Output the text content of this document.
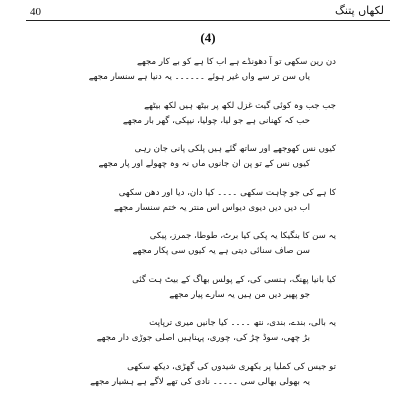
40	لکھاں پتنگ
(4)
دن رین سکھی تو آ دھونڈے ہے اب کا ہے کو بے کار مجھے
یاں سن تر سے واں غیر ہوئے ۔۔۔۔۔۔ یہ دنیا ہے سنسار مجھے
جب جب وہ کوئی گیت غزل لکھ پر بیٹھ ہیں لکھ بیٹھے
حب کہ کھنانی ہے جو لیا، چولیا، نیپکی، گھر بار مجھے
کیوں نس کھوجھے اور ساتھ گئے ہیں پلکی پانی جان رہی
کیوں نس کے تو پن ان جانوں ماں نہ وہ چھولے اور پار مجھے
کا ہے کی جو چاہت سکھی ۔۔۔۔ کیا دان، دیا اور دھن سکھی
اب دیں دیں دیوی دیواس اس منتر یہ ختم سنسار مجھے
یہ سن کا بنگیکا یہ پکی کیا برٹ، طوطا، جمرز، پیکی
سن صاف سنائی دیتی ہے یہ کیوں سی پکار مجھے
کیا بانیا پھنگ، ہنسی کی، کے پولس بھاگ کے بیٹ ہت گئی
جو پھیر دیں من ہیں یہ سارے پیار مجھے
یہ بالی، بندے، بندی، نتھ ۔۔۔۔ کیا جانیں میری ترپاپت
بڑ چھی، سوڈ چڑ کی، چوری، پہناہیں اصلی جوڑی دار مجھے
تو جیس کی کملیا پر بکھری شیدوں کی گھڑی، دیکھ سکھی
یہ بھولی بھالی سی ۔۔۔۔۔ نادی کی تھے لاگے ہے ہشیار مجھے
